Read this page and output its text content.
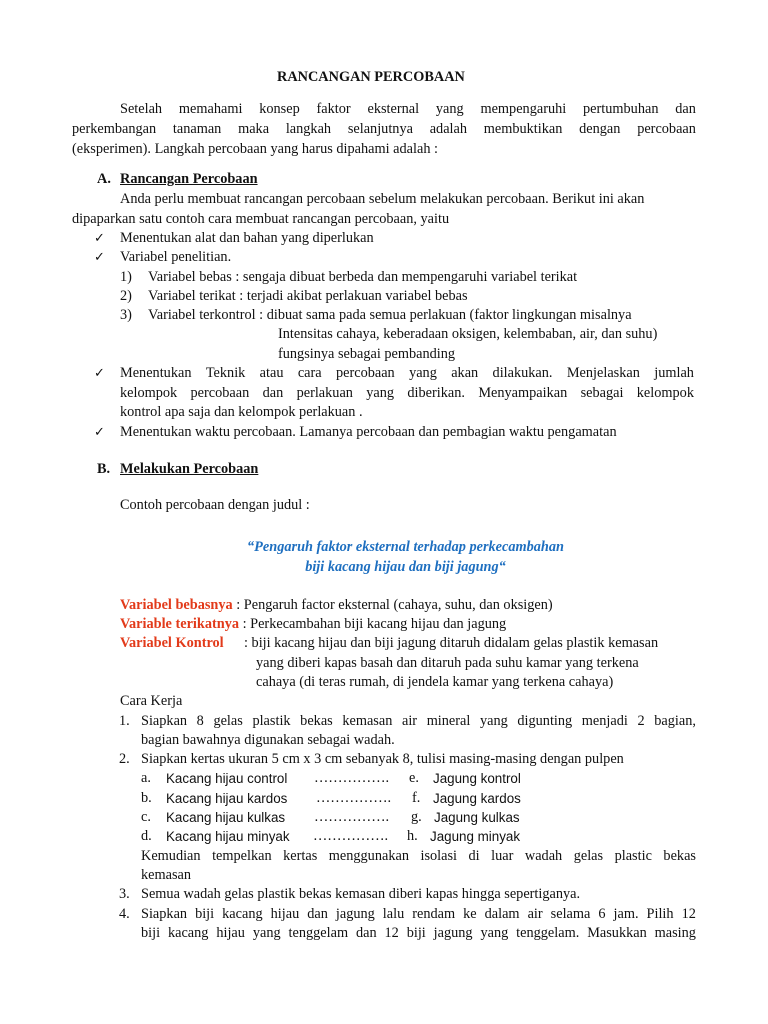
RANCANGAN PERCOBAAN
Setelah memahami konsep faktor eksternal yang mempengaruhi pertumbuhan dan
perkembangan tanaman maka langkah selanjutnya adalah membuktikan dengan percobaan
(eksperimen). Langkah percobaan yang harus dipahami adalah :
A. Rancangan Percobaan
Anda perlu membuat rancangan percobaan sebelum melakukan percobaan. Berikut ini akan
dipaparkan satu contoh cara membuat rancangan percobaan, yaitu
✓ Menentukan alat dan bahan yang diperlukan
✓ Variabel penelitian.
1) Variabel bebas : sengaja dibuat berbeda dan mempengaruhi variabel terikat
2) Variabel terikat : terjadi akibat perlakuan variabel bebas
3) Variabel terkontrol : dibuat sama pada semua perlakuan (faktor lingkungan misalnya
Intensitas cahaya, keberadaan oksigen, kelembaban, air, dan suhu)
fungsinya sebagai pembanding
✓ Menentukan Teknik atau cara percobaan yang akan dilakukan. Menjelaskan jumlah
kelompok percobaan dan perlakuan yang diberikan. Menyampaikan sebagai kelompok
kontrol apa saja dan kelompok perlakuan .
✓ Menentukan waktu percobaan. Lamanya percobaan dan pembagian waktu pengamatan
B. Melakukan Percobaan
Contoh percobaan dengan judul :
“Pengaruh faktor eksternal terhadap perkecambahan
biji kacang hijau dan biji jagung“
Variabel bebasnya : Pengaruh factor eksternal (cahaya, suhu, dan oksigen)
Variable terikatnya : Perkecambahan biji kacang hijau dan jagung
Variabel Kontrol : biji kacang hijau dan biji jagung ditaruh didalam gelas plastik kemasan
yang diberi kapas basah dan ditaruh pada suhu kamar yang terkena
cahaya (di teras rumah, di jendela kamar yang terkena cahaya)
Cara Kerja
1. Siapkan 8 gelas plastik bekas kemasan air mineral yang digunting menjadi 2 bagian,
bagian bawahnya digunakan sebagai wadah.
2. Siapkan kertas ukuran 5 cm x 3 cm sebanyak 8, tulisi masing-masing dengan pulpen
a. Kacang hijau control ……………. e. Jagung kontrol
b. Kacang hijau kardos ……………. f. Jagung kardos
c. Kacang hijau kulkas ……………. g. Jagung kulkas
d. Kacang hijau minyak ……………. h. Jagung minyak
Kemudian tempelkan kertas menggunakan isolasi di luar wadah gelas plastic bekas
kemasan
3. Semua wadah gelas plastik bekas kemasan diberi kapas hingga sepertiganya.
4. Siapkan biji kacang hijau dan jagung lalu rendam ke dalam air selama 6 jam. Pilih 12
biji kacang hijau yang tenggelam dan 12 biji jagung yang tenggelam. Masukkan masing
